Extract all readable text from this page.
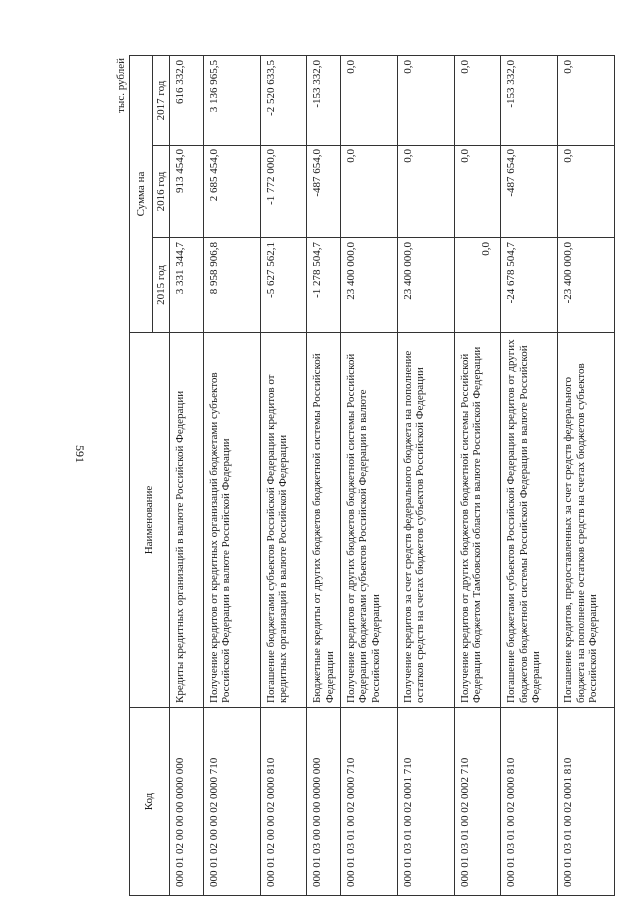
591
тыс. рублей
Код	Наименование	Сумма на		
		2015 год	2016 год	2017 год
000 01 02 00 00 00 0000 000	Кредиты кредитных организаций в валюте Российской Федерации	3 331 344,7	913 454,0	616 332,0
000 01 02 00 00 02 0000 710	Получение кредитов от кредитных организаций бюджетами субъектов Российской Федерации в валюте Российской Федерации	8 958 906,8	2 685 454,0	3 136 965,5
000 01 02 00 00 02 0000 810	Погашение бюджетами субъектов Российской Федерации кредитов от кредитных организаций в валюте Российской Федерации	-5 627 562,1	-1 772 000,0	-2 520 633,5
000 01 03 00 00 00 0000 000	Бюджетные кредиты от других бюджетов бюджетной системы Российской Федерации	-1 278 504,7	-487 654,0	-153 332,0
000 01 03 01 00 02 0000 710	Получение кредитов от других бюджетов бюджетной системы Российской Федерации бюджетами субъектов Российской Федерации в валюте Российской Федерации	23 400 000,0	0,0	0,0
000 01 03 01 00 02 0001 710	Получение кредитов за счет средств федерального бюджета на пополнение остатков средств на счетах бюджетов субъектов Российской Федерации	23 400 000,0	0,0	0,0
000 01 03 01 00 02 0002 710	Получение кредитов от других бюджетов бюджетной системы Российской Федерации бюджетом Тамбовской области в валюте Российской Федерации	0,0	0,0	0,0
000 01 03 01 00 02 0000 810	Погашение бюджетами субъектов Российской Федерации кредитов от других бюджетов бюджетной системы Российской Федерации в валюте Российской Федерации	-24 678 504,7	-487 654,0	-153 332,0
000 01 03 01 00 02 0001 810	Погашение кредитов, предоставленных за счет средств федерального бюджета на пополнение остатков средств на счетах бюджетов субъектов Российской Федерации	-23 400 000,0	0,0	0,0
